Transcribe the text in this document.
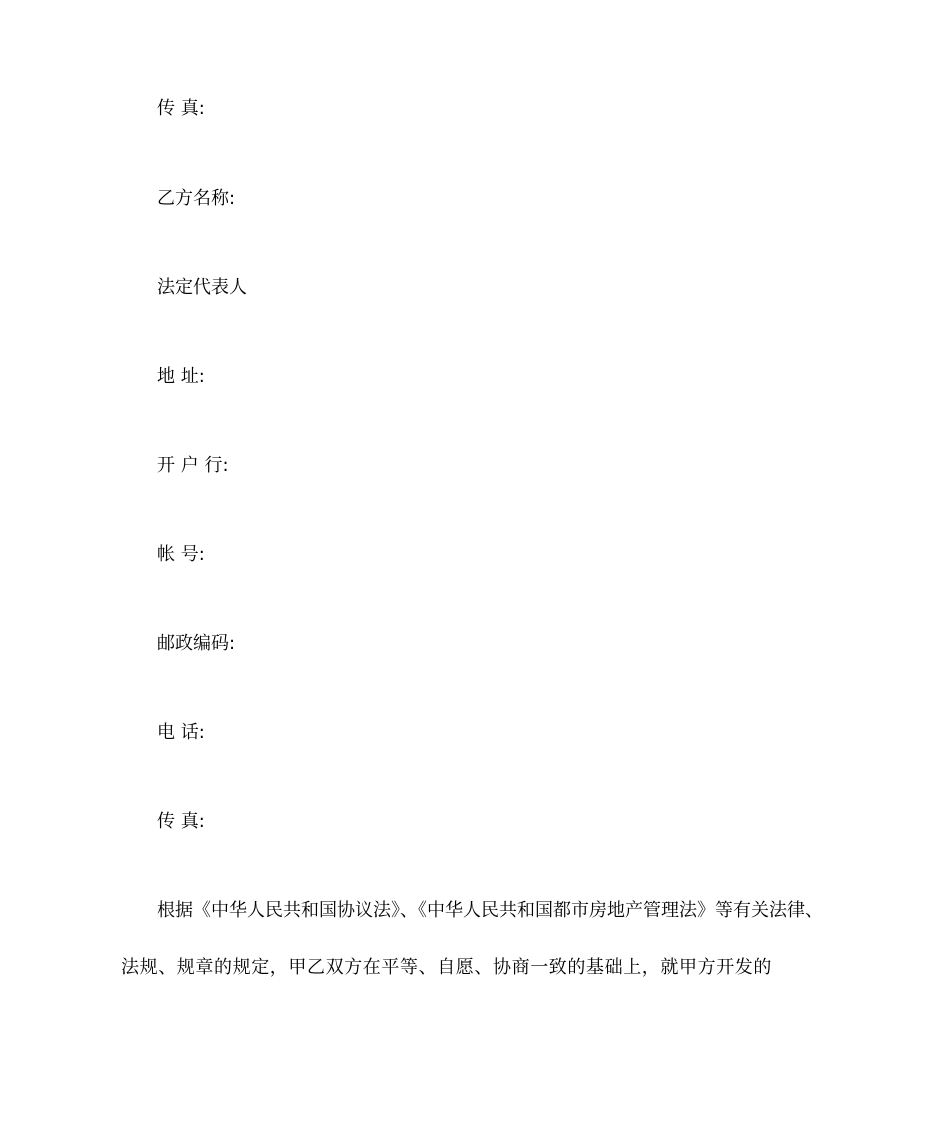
传 真:
乙方名称:
法定代表人
地 址:
开 户 行:
帐 号:
邮政编码:
电 话:
传 真:
根据《中华人民共和国协议法》、《中华人民共和国都市房地产管理法》等有关法律、
法规、规章的规定，甲乙双方在平等、自愿、协商一致的基础上，就甲方开发的
